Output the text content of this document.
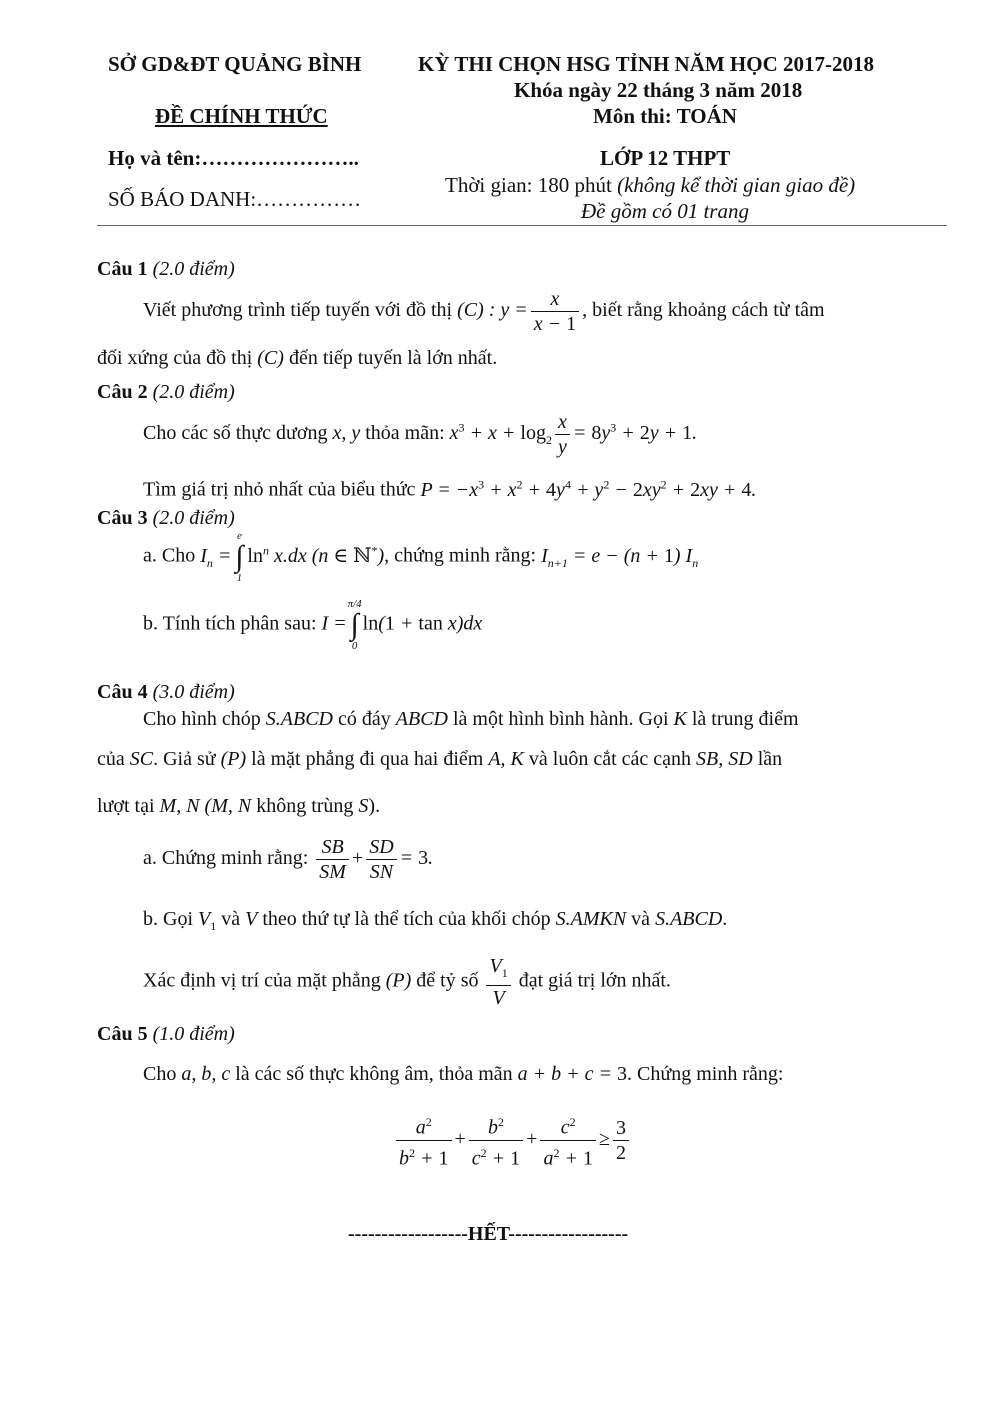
SỞ GD&ĐT QUẢNG BÌNH	KỲ THI CHỌN HSG TỈNH NĂM HỌC 2017-2018
Khóa ngày 22 tháng 3 năm 2018
ĐỀ CHÍNH THỨC	Môn thi: TOÁN
Họ và tên:…………………..	LỚP 12 THPT
SỐ BÁO DANH:……………
Thời gian: 180 phút (không kể thời gian giao đề)
Đề gồm có 01 trang
Câu 1 (2.0 điểm)
Viết phương trình tiếp tuyến với đồ thị (C) : $y = \frac{x}{x - 1}$ , biết rằng khoảng cách từ tâm
đối xứng của đồ thị (C) đến tiếp tuyến là lớn nhất.
Câu 2 (2.0 điểm)
Cho các số thực dương x, y thỏa mãn: $x^3 + x + \log_2 \frac{x}{y} = 8y^3 + 2y + 1$.
Tìm giá trị nhỏ nhất của biểu thức $P = -x^3 + x^2 + 4y^4 + y^2 - 2xy^2 + 2xy + 4$.
Câu 3 (2.0 điểm)
a. Cho $I_n$ =
e
∫
1
$\ln^n x.dx$ (n ∈ ℕ*), chứng minh rằng: $I_{n+1} = e - (n + 1)$ $I_n$
b. Tính tích phân sau: I =
π/4
∫
0
ln(1 + tan x)dx
Câu 4 (3.0 điểm)
Cho hình chóp S.ABCD có đáy ABCD là một hình bình hành. Gọi K là trung điểm
của SC. Giả sử (P) là mặt phẳng đi qua hai điểm A, K và luôn cắt các cạnh SB, SD lần
lượt tại M, N (M, N không trùng S).
a. Chứng minh rằng: $\frac{SB}{SM} + \frac{SD}{SN} = 3$.
b. Gọi $V_1$ và V theo thứ tự là thể tích của khối chóp S.AMKN và S.ABCD.
Xác định vị trí của mặt phẳng (P) để tỷ số $\frac{V_1}{V}$ đạt giá trị lớn nhất.
Câu 5 (1.0 điểm)
Cho a, b, c là các số thực không âm, thỏa mãn a + b + c = 3. Chứng minh rằng:
$\frac{a^2}{b^2 + 1} + \frac{b^2}{c^2 + 1} + \frac{c^2}{a^2 + 1} \ge \frac{3}{2}$
------------------HẾT------------------
